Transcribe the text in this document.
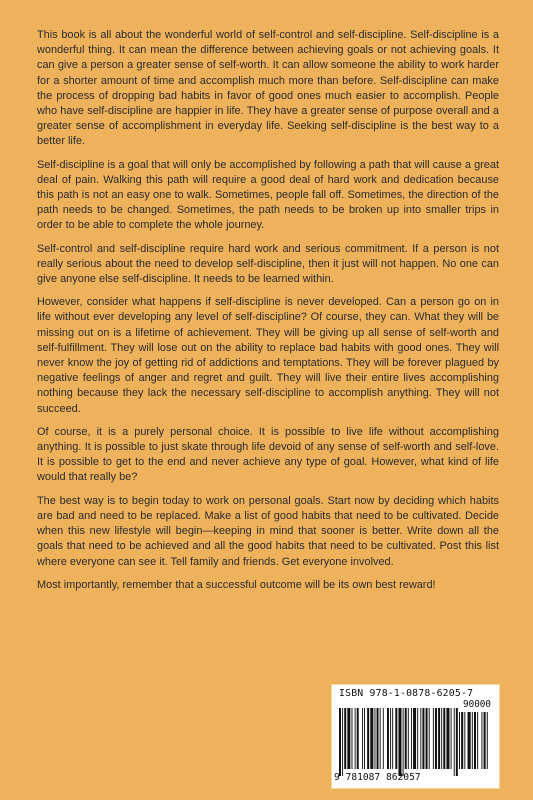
This book is all about the wonderful world of self-control and self-discipline. Self-discipline is a wonderful thing. It can mean the difference between achieving goals or not achieving goals. It can give a person a greater sense of self-worth. It can allow someone the ability to work harder for a shorter amount of time and accomplish much more than before. Self-discipline can make the process of dropping bad habits in favor of good ones much easier to accomplish. People who have self-discipline are happier in life. They have a greater sense of purpose overall and a greater sense of accomplishment in everyday life. Seeking self-discipline is the best way to a better life.

Self-discipline is a goal that will only be accomplished by following a path that will cause a great deal of pain. Walking this path will require a good deal of hard work and dedication because this path is not an easy one to walk. Sometimes, people fall off. Sometimes, the direction of the path needs to be changed. Sometimes, the path needs to be broken up into smaller trips in order to be able to complete the whole journey.

Self-control and self-discipline require hard work and serious commitment. If a person is not really serious about the need to develop self-discipline, then it just will not happen. No one can give anyone else self-discipline. It needs to be learned within.

However, consider what happens if self-discipline is never developed. Can a person go on in life without ever developing any level of self-discipline? Of course, they can. What they will be missing out on is a lifetime of achievement. They will be giving up all sense of self-worth and self-fulfillment. They will lose out on the ability to replace bad habits with good ones. They will never know the joy of getting rid of addictions and temptations. They will be forever plagued by negative feelings of anger and regret and guilt. They will live their entire lives accomplishing nothing because they lack the necessary self-discipline to accomplish anything. They will not succeed.

Of course, it is a purely personal choice. It is possible to live life without accomplishing anything. It is possible to just skate through life devoid of any sense of self-worth and self-love. It is possible to get to the end and never achieve any type of goal. However, what kind of life would that really be?

The best way is to begin today to work on personal goals. Start now by deciding which habits are bad and need to be replaced. Make a list of good habits that need to be cultivated. Decide when this new lifestyle will begin—keeping in mind that sooner is better. Write down all the goals that need to be achieved and all the good habits that need to be cultivated. Post this list where everyone can see it. Tell family and friends. Get everyone involved.

Most importantly, remember that a successful outcome will be its own best reward!

ISBN 978-1-0878-6205-7
90000
9 781087 862057
